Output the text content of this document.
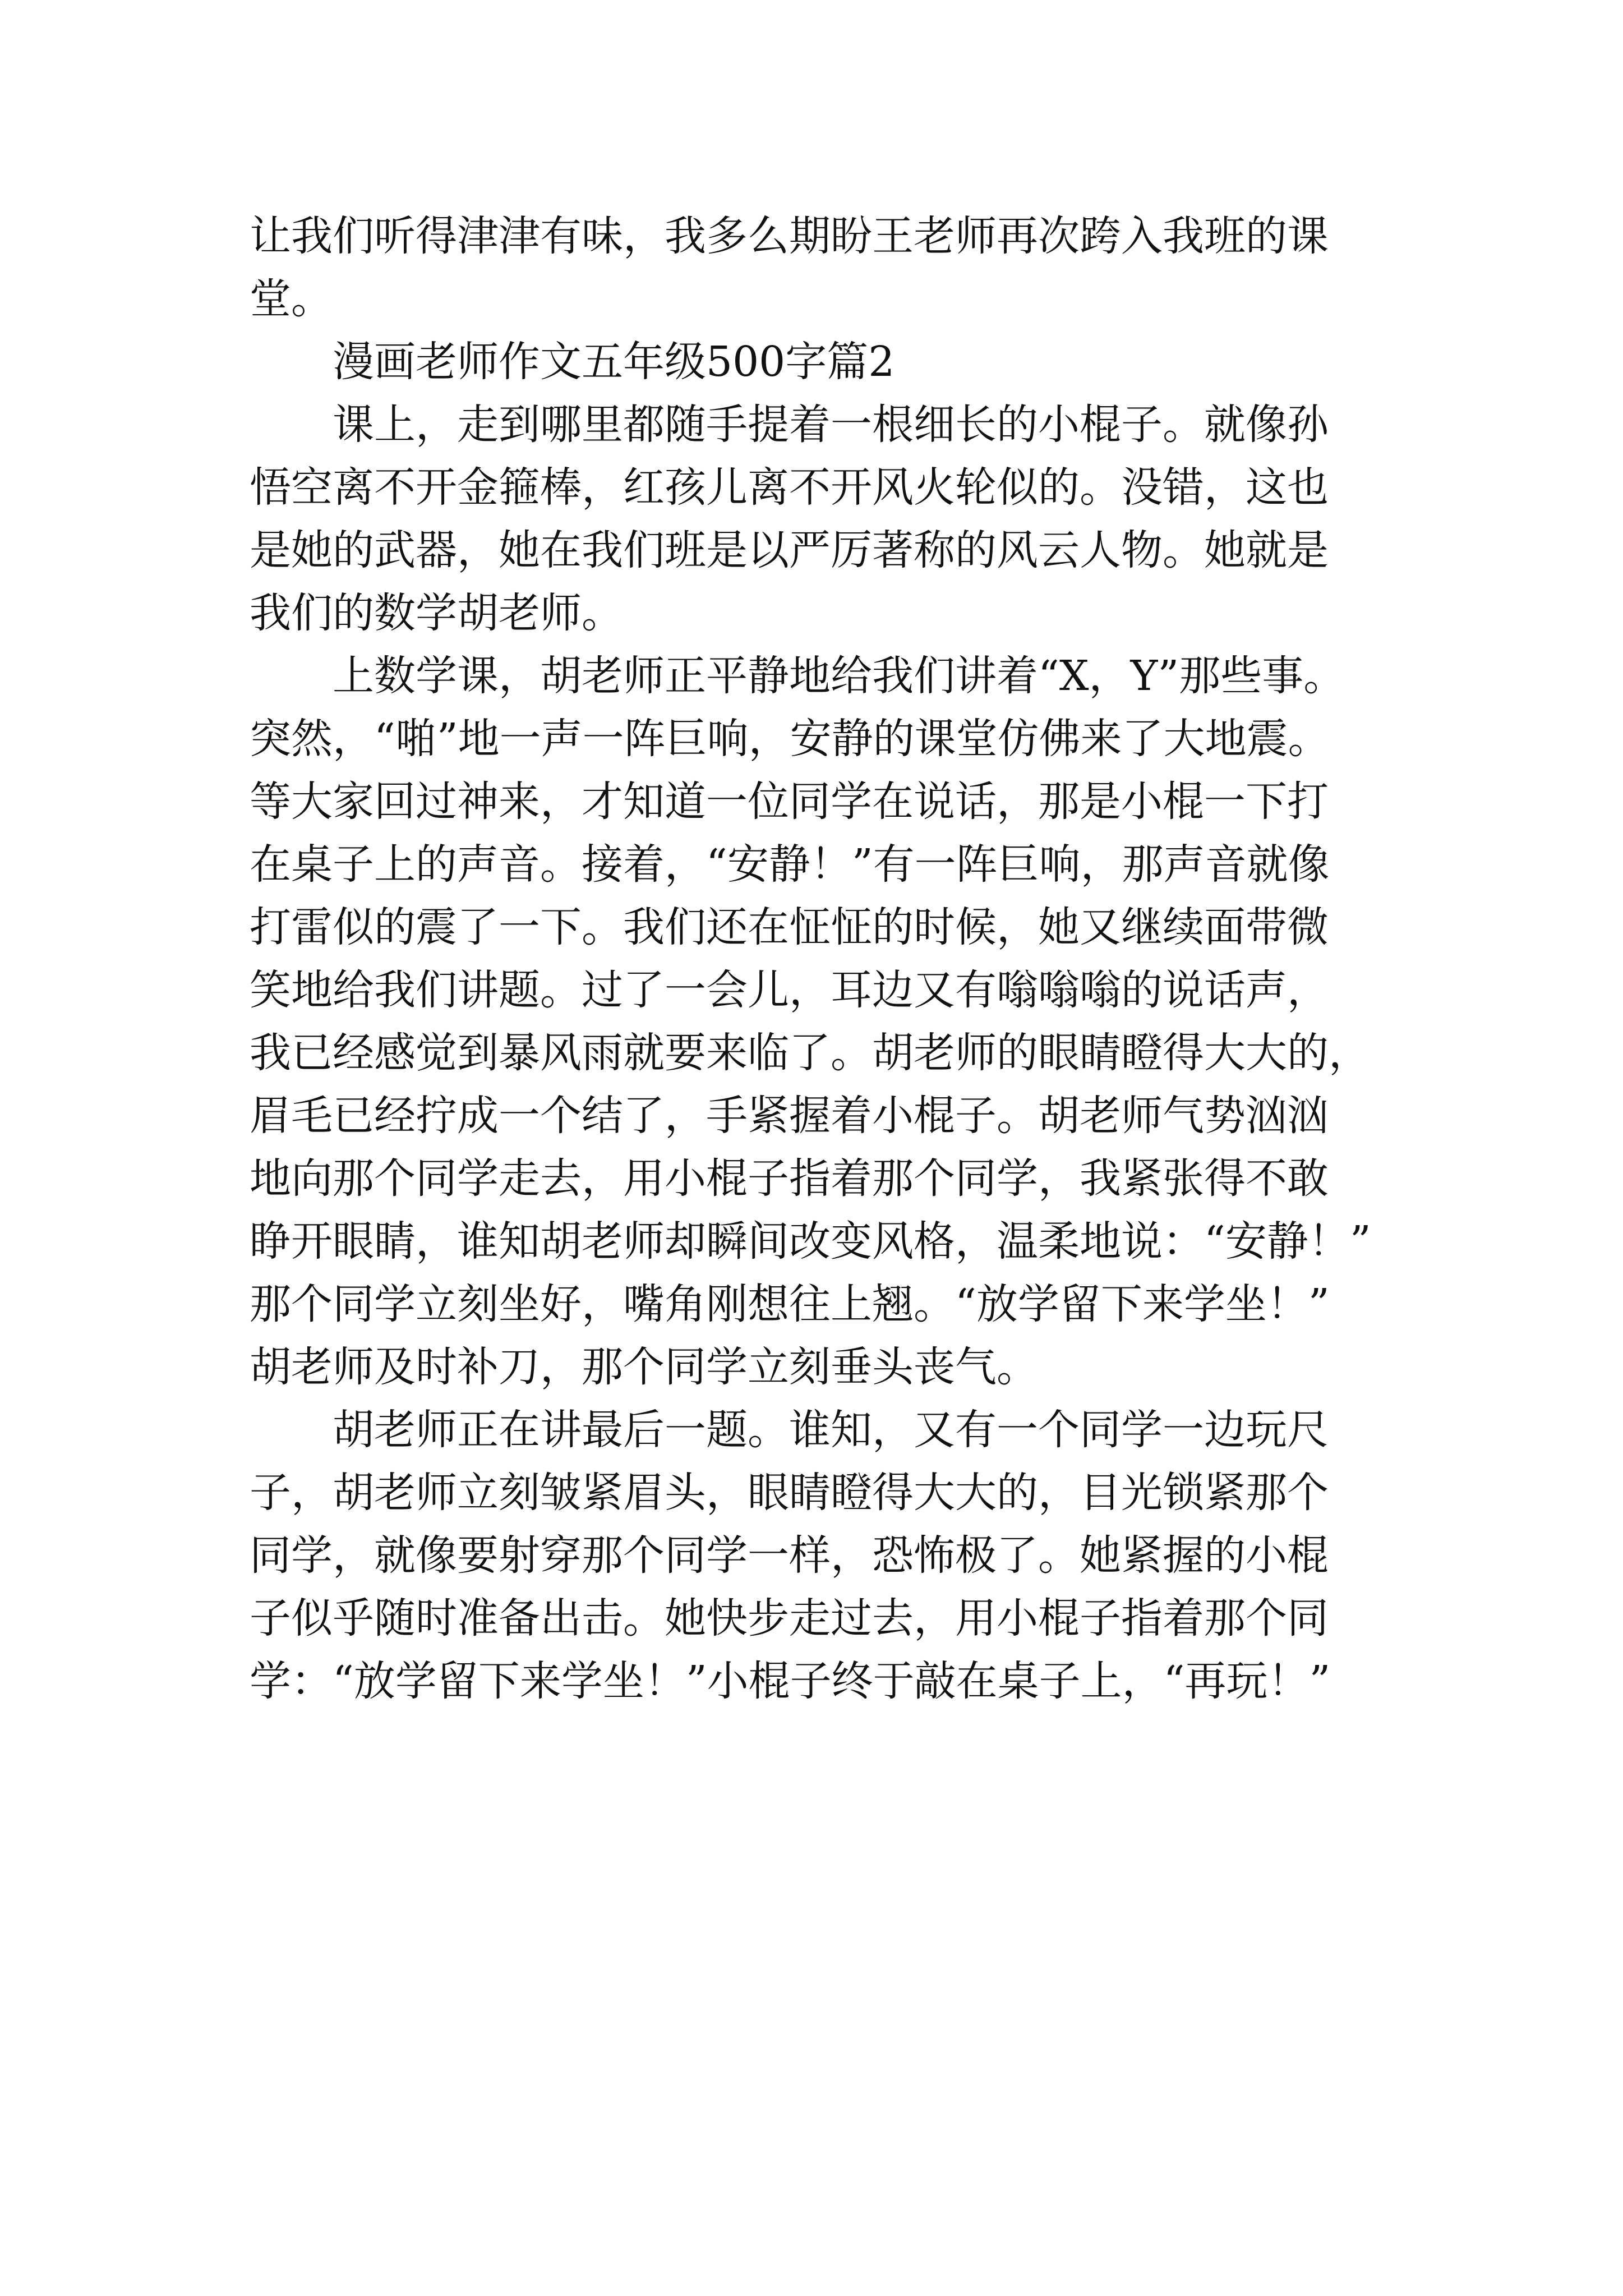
让我们听得津津有味，我多么期盼王老师再次跨入我班的课
堂。
漫画老师作文五年级500字篇2
课上，走到哪里都随手提着一根细长的小棍子。就像孙
悟空离不开金箍棒，红孩儿离不开风火轮似的。没错，这也
是她的武器，她在我们班是以严厉著称的风云人物。她就是
我们的数学胡老师。
上数学课，胡老师正平静地给我们讲着“X，Y”那些事。
突然，“啪”地一声一阵巨响，安静的课堂仿佛来了大地震。
等大家回过神来，才知道一位同学在说话，那是小棍一下打
在桌子上的声音。接着，“安静！”有一阵巨响，那声音就像
打雷似的震了一下。我们还在怔怔的时候，她又继续面带微
笑地给我们讲题。过了一会儿，耳边又有嗡嗡嗡的说话声，
我已经感觉到暴风雨就要来临了。胡老师的眼睛瞪得大大的，
眉毛已经拧成一个结了，手紧握着小棍子。胡老师气势汹汹
地向那个同学走去，用小棍子指着那个同学，我紧张得不敢
睁开眼睛，谁知胡老师却瞬间改变风格，温柔地说：“安静！”
那个同学立刻坐好，嘴角刚想往上翘。“放学留下来学坐！”
胡老师及时补刀，那个同学立刻垂头丧气。
胡老师正在讲最后一题。谁知，又有一个同学一边玩尺
子，胡老师立刻皱紧眉头，眼睛瞪得大大的，目光锁紧那个
同学，就像要射穿那个同学一样，恐怖极了。她紧握的小棍
子似乎随时准备出击。她快步走过去，用小棍子指着那个同
学：“放学留下来学坐！”小棍子终于敲在桌子上，“再玩！”
